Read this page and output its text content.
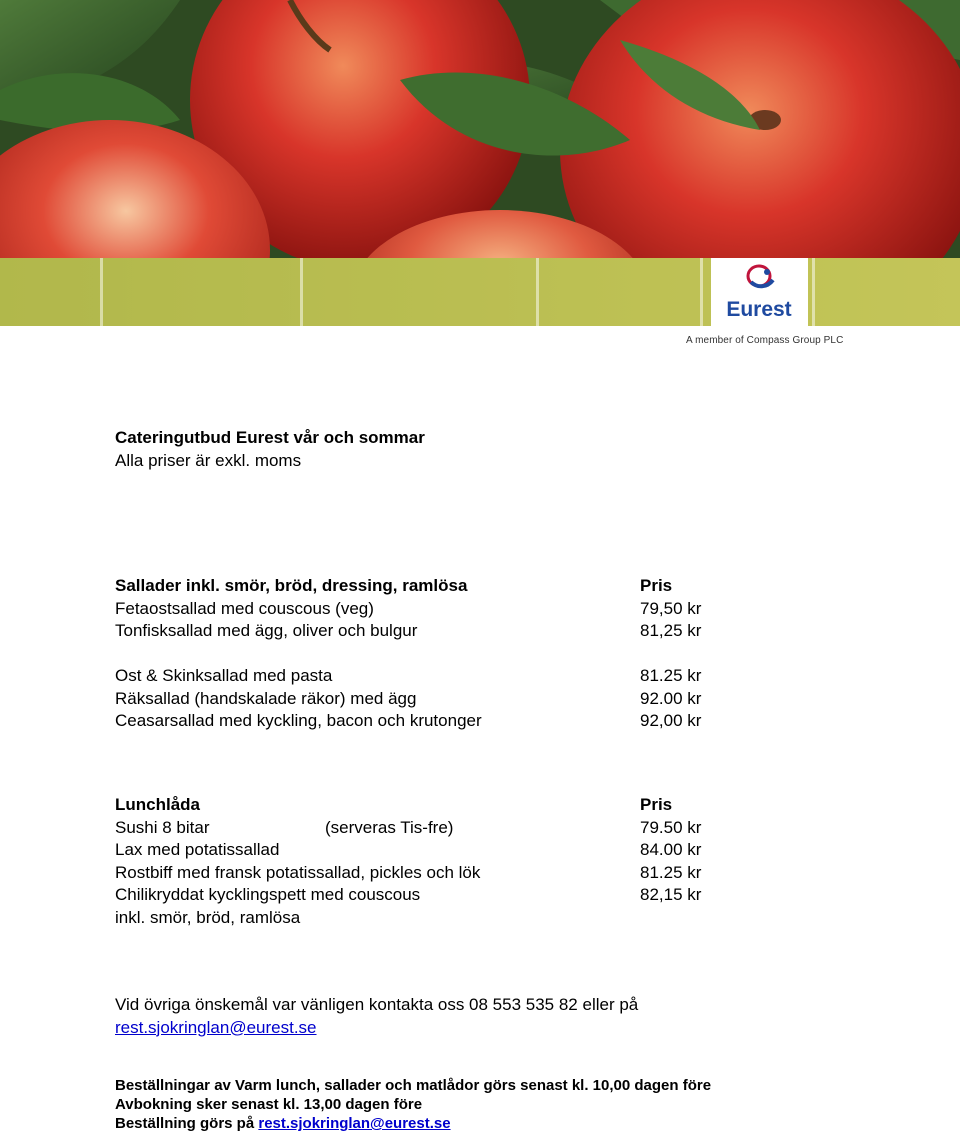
Eurest
A member of Compass Group PLC
Cateringutbud Eurest vår och sommar
Alla priser är exkl. moms
Sallader inkl. smör, bröd, dressing, ramlösa	Pris
Fetaostsallad med couscous (veg)	79,50 kr
Tonfisksallad med ägg, oliver och bulgur	81,25 kr
Ost & Skinksallad med pasta	81.25 kr
Räksallad (handskalade räkor) med ägg	92.00 kr
Ceasarsallad med kyckling, bacon och krutonger	92,00 kr
Lunchlåda	Pris
Sushi 8 bitar	(serveras Tis-fre)	79.50 kr
Lax med potatissallad	84.00 kr
Rostbiff med fransk potatissallad, pickles och lök	81.25 kr
Chilikryddat kycklingspett med couscous	82,15 kr
inkl. smör, bröd, ramlösa
Vid övriga önskemål var vänligen kontakta oss 08 553 535 82 eller på
rest.sjokringlan@eurest.se
Beställningar av Varm lunch, sallader och matlådor görs senast kl. 10,00 dagen före
Avbokning sker senast kl. 13,00 dagen före
Beställning görs på rest.sjokringlan@eurest.se
